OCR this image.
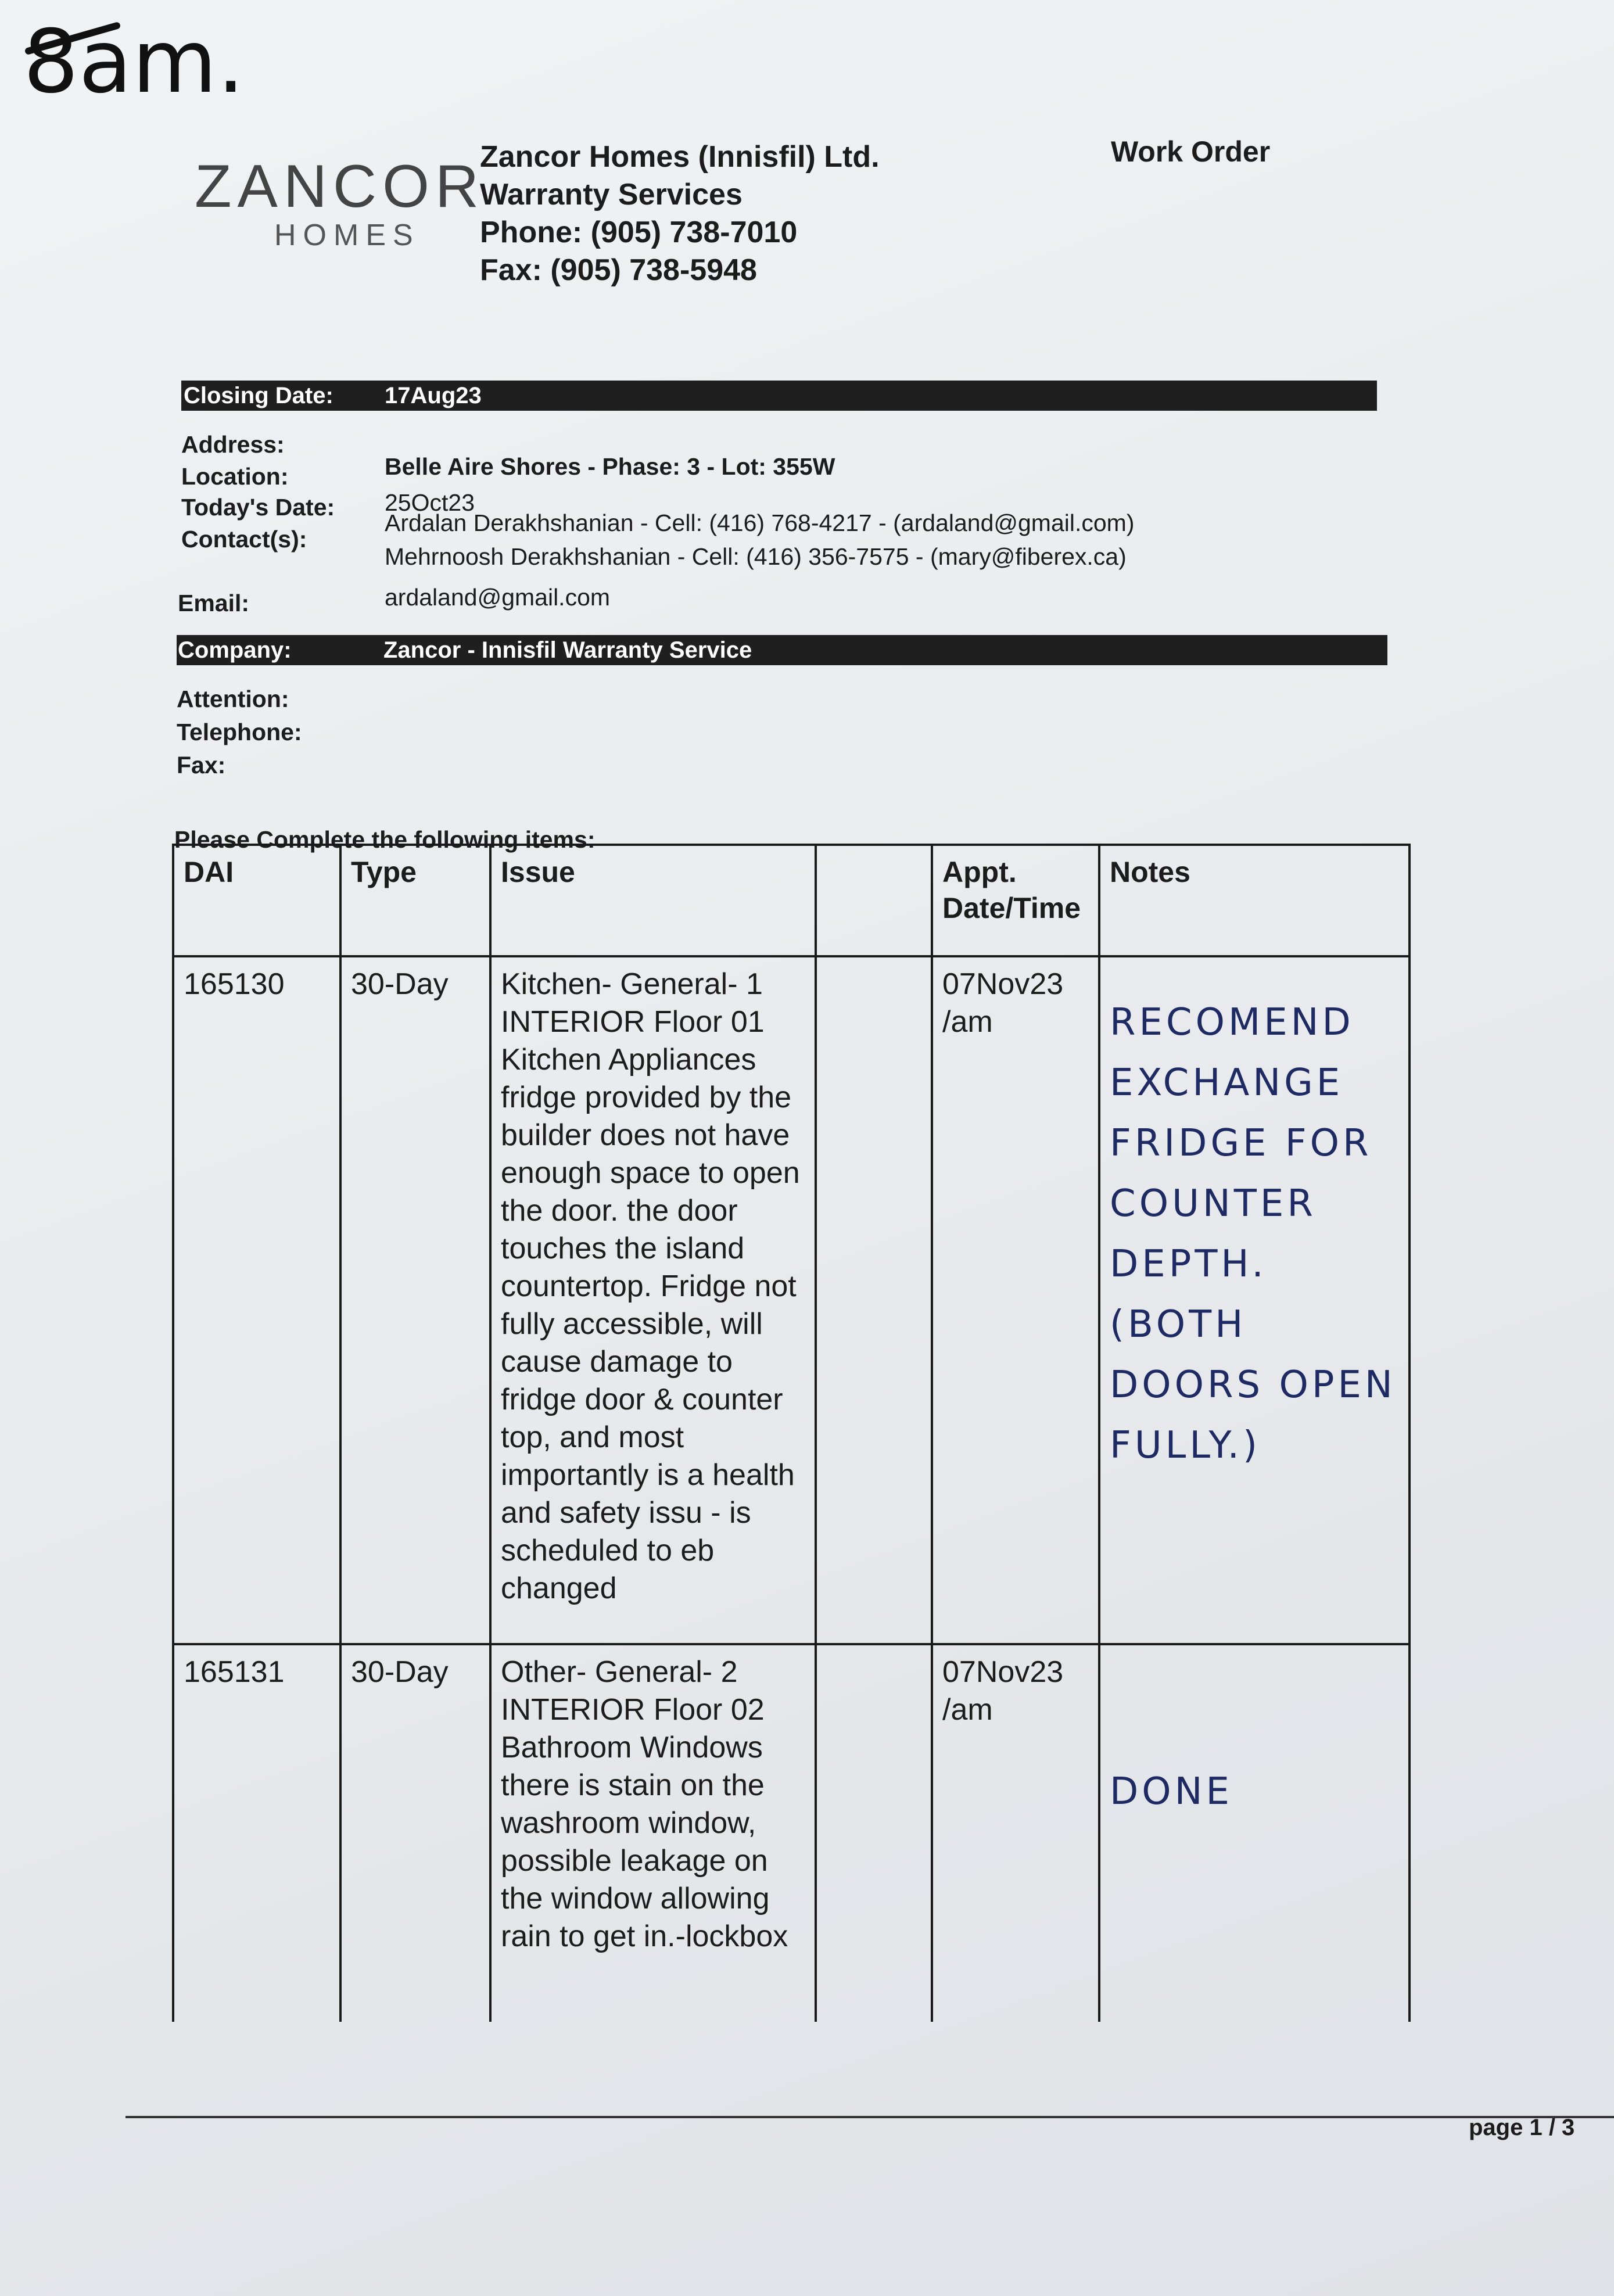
8am.
ZANCOR
HOMES
Zancor Homes (Innisfil) Ltd.
Warranty Services
Phone: (905) 738-7010
Fax: (905) 738-5948
Work Order
Closing Date: 17Aug23
Address:
Location:	Belle Aire Shores - Phase: 3 - Lot: 355W
Today's Date: 25Oct23
Contact(s):
Ardalan Derakhshanian - Cell: (416) 768-4217 - (ardaland@gmail.com)
Mehrnoosh Derakhshanian - Cell: (416) 356-7575 - (mary@fiberex.ca)
Email:	ardaland@gmail.com
Company:	Zancor - Innisfil Warranty Service
Attention:
Telephone:
Fax:
Please Complete the following items:
DAI	Type	Issue		Appt. Date/Time	Notes
165130	30-Day	Kitchen- General- 1 INTERIOR Floor 01 Kitchen Appliances fridge provided by the builder does not have enough space to open the door. the door touches the island countertop. Fridge not fully accessible, will cause damage to fridge door & counter top, and most importantly is a health and safety issu - is scheduled to eb changed		07Nov23 /am	RECOMEND EXCHANGE FRIDGE FOR COUNTER DEPTH. (BOTH DOORS OPEN FULLY.)
165131	30-Day	Other- General- 2 INTERIOR Floor 02 Bathroom Windows there is stain on the washroom window, possible leakage on the window allowing rain to get in.-lockbox		07Nov23 /am	DONE
page 1 / 3
